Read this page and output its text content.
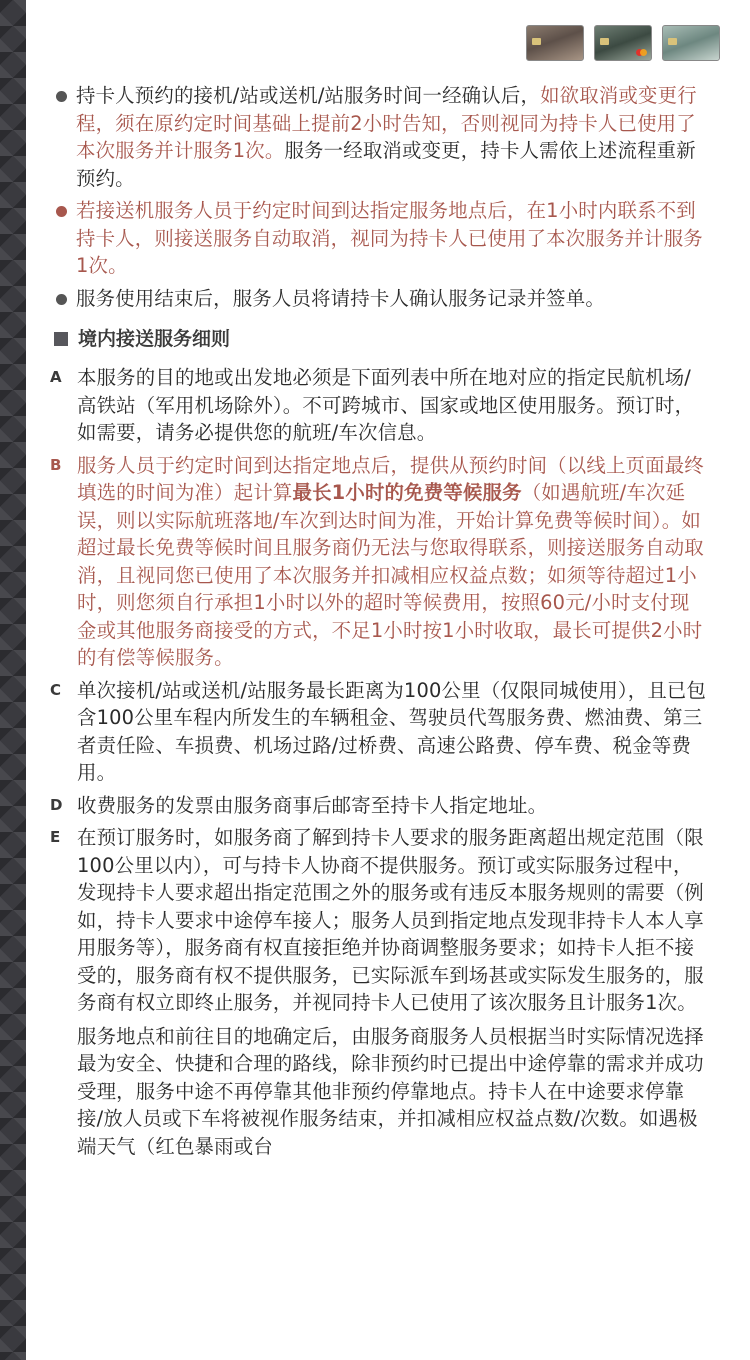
持卡人预约的接机/站或送机/站服务时间一经确认后，如欲取消或变更行程，须在原约定时间基础上提前2小时告知，否则视同为持卡人已使用了本次服务并计服务1次。服务一经取消或变更，持卡人需依上述流程重新预约。
若接送机服务人员于约定时间到达指定服务地点后，在1小时内联系不到持卡人，则接送服务自动取消，视同为持卡人已使用了本次服务并计服务1次。
服务使用结束后，服务人员将请持卡人确认服务记录并签单。
境内接送服务细则
A 本服务的目的地或出发地必须是下面列表中所在地对应的指定民航机场/高铁站（军用机场除外）。不可跨城市、国家或地区使用服务。预订时，如需要，请务必提供您的航班/车次信息。
B 服务人员于约定时间到达指定地点后，提供从预约时间（以线上页面最终填选的时间为准）起计算最长1小时的免费等候服务（如遇航班/车次延误，则以实际航班落地/车次到达时间为准，开始计算免费等候时间）。如超过最长免费等候时间且服务商仍无法与您取得联系，则接送服务自动取消，且视同您已使用了本次服务并扣减相应权益点数；如须等待超过1小时，则您须自行承担1小时以外的超时等候费用，按照60元/小时支付现金或其他服务商接受的方式，不足1小时按1小时收取，最长可提供2小时的有偿等候服务。
C 单次接机/站或送机/站服务最长距离为100公里（仅限同城使用），且已包含100公里车程内所发生的车辆租金、驾驶员代驾服务费、燃油费、第三者责任险、车损费、机场过路/过桥费、高速公路费、停车费、税金等费用。
D 收费服务的发票由服务商事后邮寄至持卡人指定地址。
E 在预订服务时，如服务商了解到持卡人要求的服务距离超出规定范围（限100公里以内），可与持卡人协商不提供服务。预订或实际服务过程中，发现持卡人要求超出指定范围之外的服务或有违反本服务规则的需要（例如，持卡人要求中途停车接人；服务人员到指定地点发现非持卡人本人享用服务等），服务商有权直接拒绝并协商调整服务要求；如持卡人拒不接受的，服务商有权不提供服务，已实际派车到场甚或实际发生服务的，服务商有权立即终止服务，并视同持卡人已使用了该次服务且计服务1次。
服务地点和前往目的地确定后，由服务商服务人员根据当时实际情况选择最为安全、快捷和合理的路线，除非预约时已提出中途停靠的需求并成功受理，服务中途不再停靠其他非预约停靠地点。持卡人在中途要求停靠接/放人员或下车将被视作服务结束，并扣减相应权益点数/次数。如遇极端天气（红色暴雨或台
